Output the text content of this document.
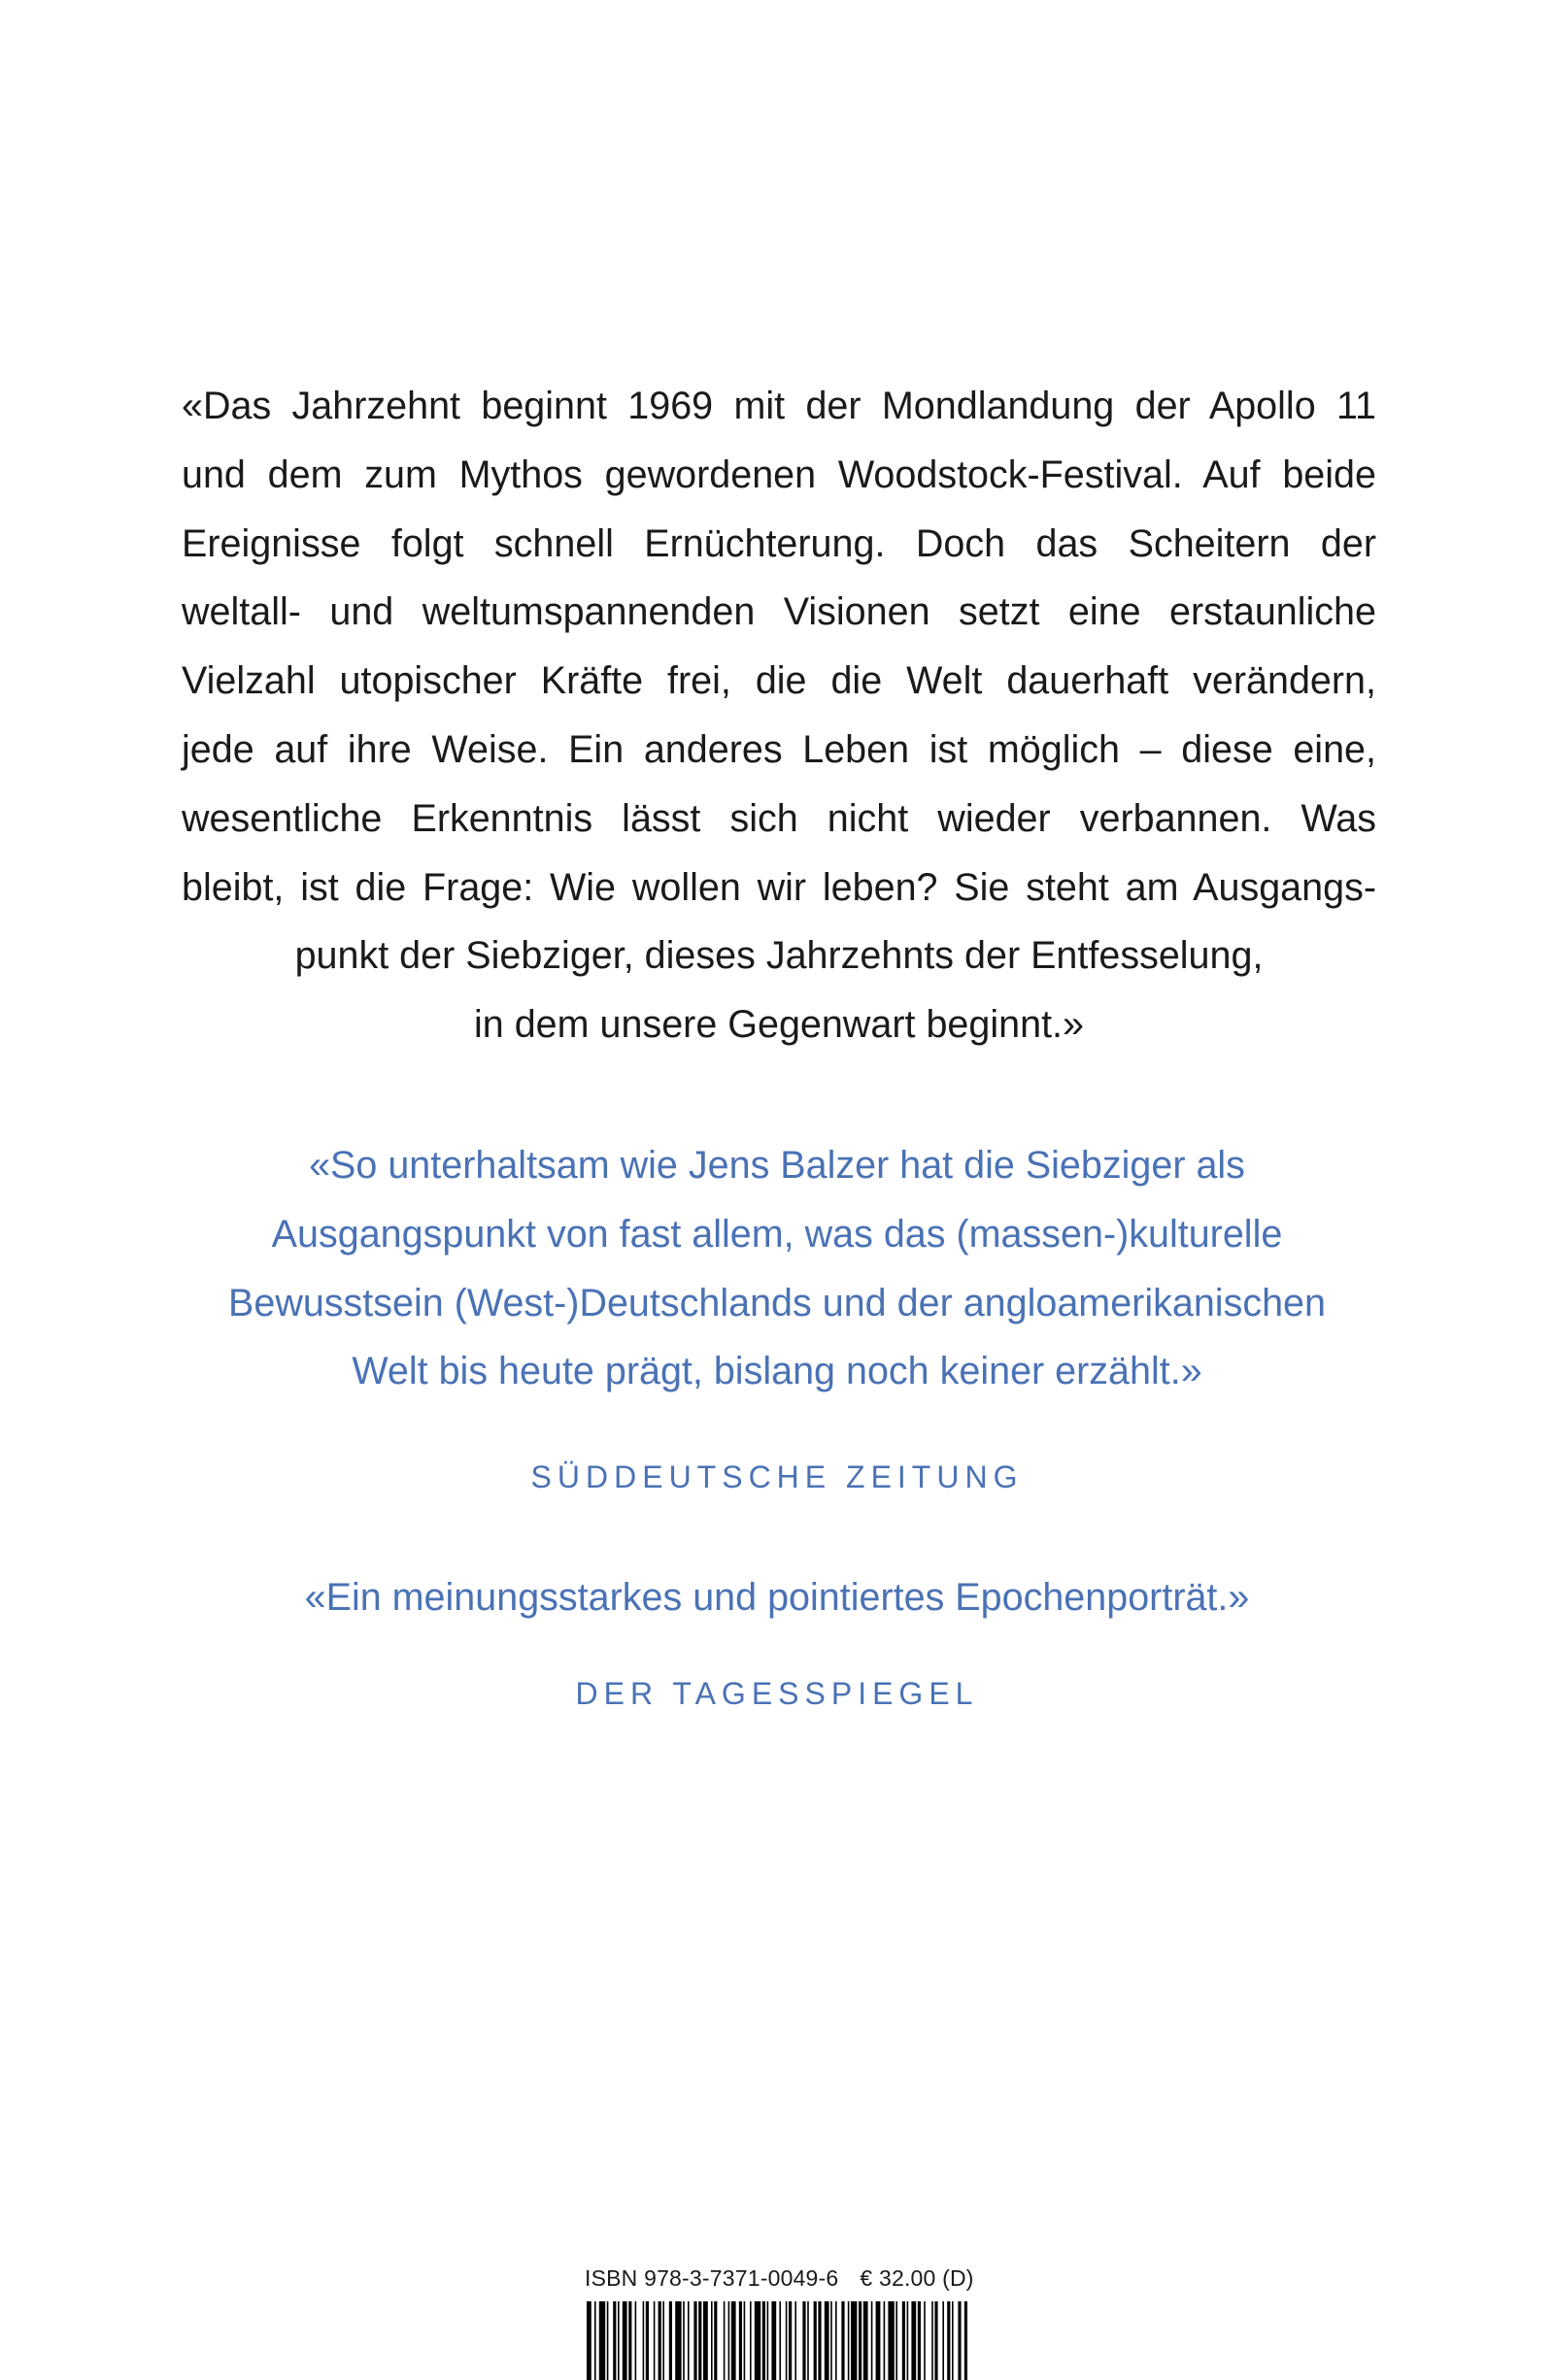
«Das Jahrzehnt beginnt 1969 mit der Mondlandung der Apollo 11
und dem zum Mythos gewordenen Woodstock-Festival. Auf beide
Ereignisse folgt schnell Ernüchterung. Doch das Scheitern der
weltall- und weltumspannenden Visionen setzt eine erstaunliche
Vielzahl utopischer Kräfte frei, die die Welt dauerhaft verändern,
jede auf ihre Weise. Ein anderes Leben ist möglich – diese eine,
wesentliche Erkenntnis lässt sich nicht wieder verbannen. Was
bleibt, ist die Frage: Wie wollen wir leben? Sie steht am Ausgangs-
punkt der Siebziger, dieses Jahrzehnts der Entfesselung,
in dem unsere Gegenwart beginnt.»
«So unterhaltsam wie Jens Balzer hat die Siebziger als
Ausgangspunkt von fast allem, was das (massen-)kulturelle
Bewusstsein (West-)Deutschlands und der angloamerikanischen
Welt bis heute prägt, bislang noch keiner erzählt.»
SÜDDEUTSCHE ZEITUNG
«Ein meinungsstarkes und pointiertes Epochenporträt.»
DER TAGESSPIEGEL
ISBN 978-3-7371-0049-6 € 32.00 (D)
